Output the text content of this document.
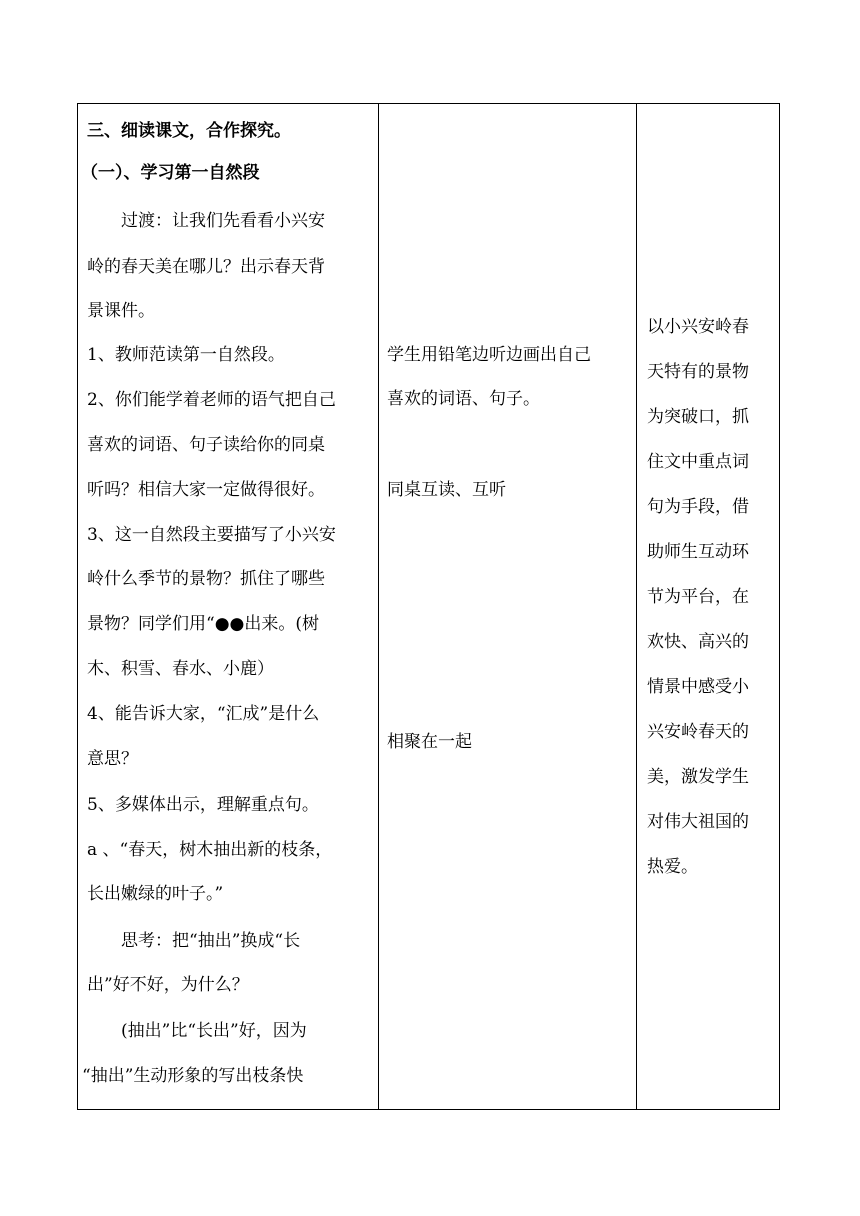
三、细读课文，合作探究。
（一）、学习第一自然段
　　过渡：让我们先看看小兴安
岭的春天美在哪儿？出示春天背
景课件。
1、教师范读第一自然段。
2、你们能学着老师的语气把自己
喜欢的词语、句子读给你的同桌
听吗？相信大家一定做得很好。
3、这一自然段主要描写了小兴安
岭什么季节的景物？抓住了哪些
景物？同学们用“●●出来。(树
木、积雪、春水、小鹿）
4、能告诉大家，“汇成”是什么
意思？
5、多媒体出示，理解重点句。
a 、“春天，树木抽出新的枝条，
长出嫩绿的叶子。”
　　思考：把“抽出”换成“长
出”好不好，为什么？
　　(抽出”比“长出”好，因为
“抽出”生动形象的写出枝条快

学生用铅笔边听边画出自己
喜欢的词语、句子。
同桌互读、互听
相聚在一起
以小兴安岭春
天特有的景物
为突破口，抓
住文中重点词
句为手段，借
助师生互动环
节为平台，在
欢快、高兴的
情景中感受小
兴安岭春天的
美，激发学生
对伟大祖国的
热爱。
